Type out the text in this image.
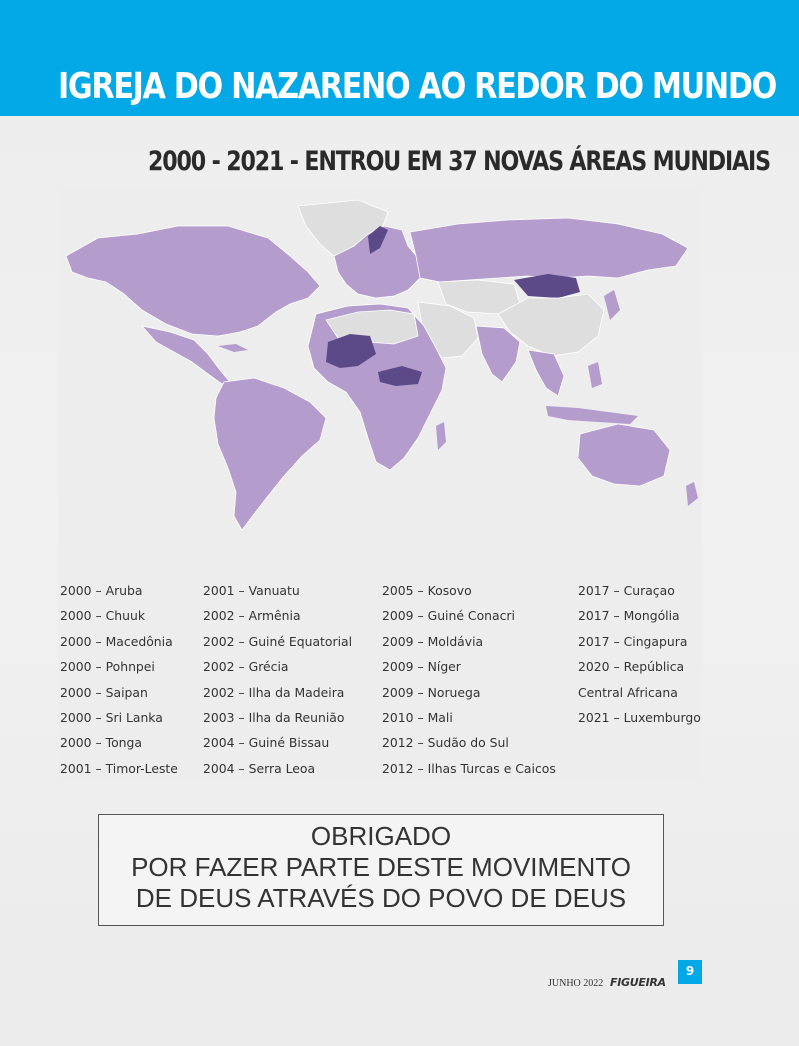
IGREJA DO NAZARENO AO REDOR DO MUNDO
2000 - 2021 - ENTROU EM 37 NOVAS ÁREAS MUNDIAIS
2000 – Aruba
2000 – Chuuk
2000 – Macedônia
2000 – Pohnpei
2000 – Saipan
2000 – Sri Lanka
2000 – Tonga
2001 – Timor-Leste
2001 – Vanuatu
2002 – Armênia
2002 – Guiné Equatorial
2002 – Grécia
2002 – Ilha da Madeira
2003 – Ilha da Reunião
2004 – Guiné Bissau
2004 – Serra Leoa
2005 – Kosovo
2009 – Guiné Conacri
2009 – Moldávia
2009 – Níger
2009 – Noruega
2010 – Mali
2012 – Sudão do Sul
2012 – Ilhas Turcas e Caicos
2017 – Curaçao
2017 – Mongólia
2017 – Cingapura
2020 – República
Central Africana
2021 – Luxemburgo
OBRIGADO
POR FAZER PARTE DESTE MOVIMENTO
DE DEUS ATRAVÉS DO POVO DE DEUS
JUNHO 2022 FIGUEIRA
9
